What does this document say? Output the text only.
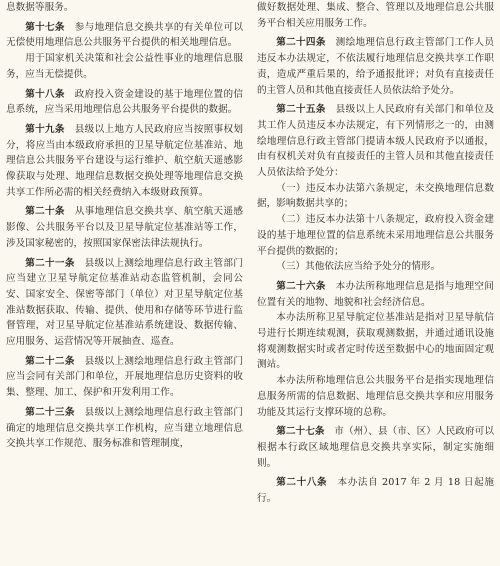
息数据等服务。

第十七条　 参与地理信息交换共享的有关单位可以无偿使用地理信息公共服务平台提供的相关地理信息。

用于国家机关决策和社会公益性事业的地理信息服务，应当无偿提供。

第十八条　 政府投入资金建设的基于地理位置的信息系统，应当采用地理信息公共服务平台提供的数据。

第十九条　 县级以上地方人民政府应当按照事权划分，将应当由本级政府承担的卫星导航定位基准站、地理信息公共服务平台建设与运行维护、航空航天遥感影像获取与处理、地理信息数据交换处理等地理信息交换共享工作所必需的相关经费纳入本级财政预算。

第二十条　 从事地理信息交换共享、航空航天遥感影像、公共服务平台以及卫星导航定位基准站等工作，涉及国家秘密的，按照国家保密法律法规执行。

第二十一条　 县级以上测绘地理信息行政主管部门应当建立卫星导航定位基准站动态监管机制，会同公安、国家安全、保密等部门（单位）对卫星导航定位基准站数据获取、传输、提供、使用和存储等环节进行监督管理，对卫星导航定位基准站系统建设、数据传输、应用服务、运营情况等开展抽查、巡查。

第二十二条　 县级以上测绘地理信息行政主管部门应当会同有关部门和单位，开展地理信息历史资料的收集、整理、加工、保护和开发利用工作。

第二十三条　 县级以上测绘地理信息行政主管部门确定的地理信息交换共享工作机构，应当建立地理信息交换共享工作规范、服务标准和管理制度，

做好数据处理、集成、整合、管理以及地理信息公共服务平台相关应用服务工作。

第二十四条　 测绘地理信息行政主管部门工作人员违反本办法规定，不依法履行地理信息交换共享工作职责，造成严重后果的，给予通报批评；对负有直接责任的主管人员和其他直接责任人员依法给予处分。

第二十五条　 县级以上人民政府有关部门和单位及其工作人员违反本办法规定，有下列情形之一的，由测绘地理信息行政主管部门提请本级人民政府予以通报，由有权机关对负有直接责任的主管人员和其他直接责任人员依法给予处分：

（一）违反本办法第六条规定，未交换地理信息数据，影响数据共享的；

（二）违反本办法第十八条规定，政府投入资金建设的基于地理位置的信息系统未采用地理信息公共服务平台提供的数据的；

（三）其他依法应当给予处分的情形。

第二十六条　 本办法所称地理信息是指与地理空间位置有关的地物、地貌和社会经济信息。

本办法所称卫星导航定位基准站是指对卫星导航信号进行长期连续观测，获取观测数据，并通过通讯设施将观测数据实时或者定时传送至数据中心的地面固定观测站。

本办法所称地理信息公共服务平台是指实现地理信息服务所需的信息数据、地理信息交换共享和应用服务功能及其运行支撑环境的总称。

第二十七条　 市（州）、县（市、区）人民政府可以根据本行政区域地理信息交换共享实际，制定实施细则。

第二十八条　 本办法自 2017 年 2 月 18 日起施行。
